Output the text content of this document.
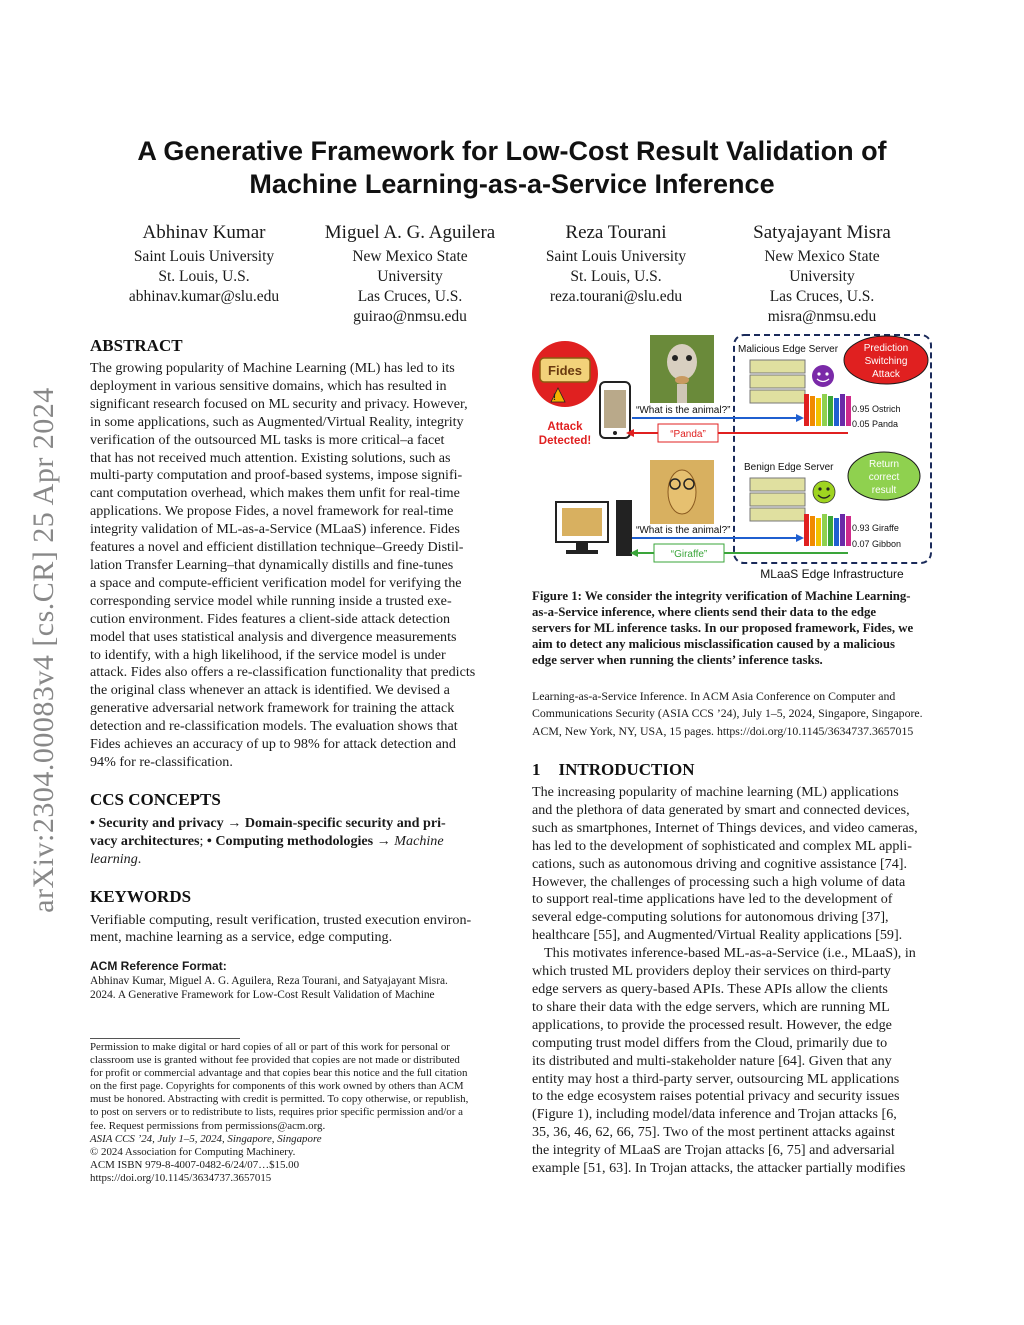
arXiv:2304.00083v4 [cs.CR] 25 Apr 2024
A Generative Framework for Low-Cost Result Validation of
Machine Learning-as-a-Service Inference
Abhinav Kumar
Saint Louis University
St. Louis, U.S.
abhinav.kumar@slu.edu
Miguel A. G. Aguilera
New Mexico State
University
Las Cruces, U.S.
guirao@nmsu.edu
Reza Tourani
Saint Louis University
St. Louis, U.S.
reza.tourani@slu.edu
Satyajayant Misra
New Mexico State
University
Las Cruces, U.S.
misra@nmsu.edu
ABSTRACT
The growing popularity of Machine Learning (ML) has led to its
deployment in various sensitive domains, which has resulted in
significant research focused on ML security and privacy. However,
in some applications, such as Augmented/Virtual Reality, integrity
verification of the outsourced ML tasks is more critical–a facet
that has not received much attention. Existing solutions, such as
multi-party computation and proof-based systems, impose signifi-
cant computation overhead, which makes them unfit for real-time
applications. We propose Fides, a novel framework for real-time
integrity validation of ML-as-a-Service (MLaaS) inference. Fides
features a novel and efficient distillation technique–Greedy Distil-
lation Transfer Learning–that dynamically distills and fine-tunes
a space and compute-efficient verification model for verifying the
corresponding service model while running inside a trusted exe-
cution environment. Fides features a client-side attack detection
model that uses statistical analysis and divergence measurements
to identify, with a high likelihood, if the service model is under
attack. Fides also offers a re-classification functionality that predicts
the original class whenever an attack is identified. We devised a
generative adversarial network framework for training the attack
detection and re-classification models. The evaluation shows that
Fides achieves an accuracy of up to 98% for attack detection and
94% for re-classification.
CCS CONCEPTS
• Security and privacy → Domain-specific security and pri-
vacy architectures; • Computing methodologies → Machine
learning.
KEYWORDS
Verifiable computing, result verification, trusted execution environ-
ment, machine learning as a service, edge computing.
ACM Reference Format:
Abhinav Kumar, Miguel A. G. Aguilera, Reza Tourani, and Satyajayant Misra.
2024. A Generative Framework for Low-Cost Result Validation of Machine
Permission to make digital or hard copies of all or part of this work for personal or
classroom use is granted without fee provided that copies are not made or distributed
for profit or commercial advantage and that copies bear this notice and the full citation
on the first page. Copyrights for components of this work owned by others than ACM
must be honored. Abstracting with credit is permitted. To copy otherwise, or republish,
to post on servers or to redistribute to lists, requires prior specific permission and/or a
fee. Request permissions from permissions@acm.org.
ASIA CCS ’24, July 1–5, 2024, Singapore, Singapore
© 2024 Association for Computing Machinery.
ACM ISBN 979-8-4007-0482-6/24/07…$15.00
https://doi.org/10.1145/3634737.3657015
MLaaS Edge Infrastructure
Fides
!
Attack
Detected!
Malicious Edge Server	Prediction
Switching
Attack
0.95 Ostrich
0.05 Panda
“What is the animal?”
“Panda”
Benign Edge Server	Return
correct
result
0.93 Giraffe
0.07 Gibbon
“What is the animal?”
“Giraffe”
Figure 1: We consider the integrity verification of Machine Learning-
as-a-Service inference, where clients send their data to the edge
servers for ML inference tasks. In our proposed framework, Fides, we
aim to detect any malicious misclassification caused by a malicious
edge server when running the clients’ inference tasks.
Learning-as-a-Service Inference. In ACM Asia Conference on Computer and
Communications Security (ASIA CCS ’24), July 1–5, 2024, Singapore, Singapore.
ACM, New York, NY, USA, 15 pages. https://doi.org/10.1145/3634737.3657015
1 INTRODUCTION
The increasing popularity of machine learning (ML) applications
and the plethora of data generated by smart and connected devices,
such as smartphones, Internet of Things devices, and video cameras,
has led to the development of sophisticated and complex ML appli-
cations, such as autonomous driving and cognitive assistance [74].
However, the challenges of processing such a high volume of data
to support real-time applications have led to the development of
several edge-computing solutions for autonomous driving [37],
healthcare [55], and Augmented/Virtual Reality applications [59].
This motivates inference-based ML-as-a-Service (i.e., MLaaS), in
which trusted ML providers deploy their services on third-party
edge servers as query-based APIs. These APIs allow the clients
to share their data with the edge servers, which are running ML
applications, to provide the processed result. However, the edge
computing trust model differs from the Cloud, primarily due to
its distributed and multi-stakeholder nature [64]. Given that any
entity may host a third-party server, outsourcing ML applications
to the edge ecosystem raises potential privacy and security issues
(Figure 1), including model/data inference and Trojan attacks [6,
35, 36, 46, 62, 66, 75]. Two of the most pertinent attacks against
the integrity of MLaaS are Trojan attacks [6, 75] and adversarial
example [51, 63]. In Trojan attacks, the attacker partially modifies
